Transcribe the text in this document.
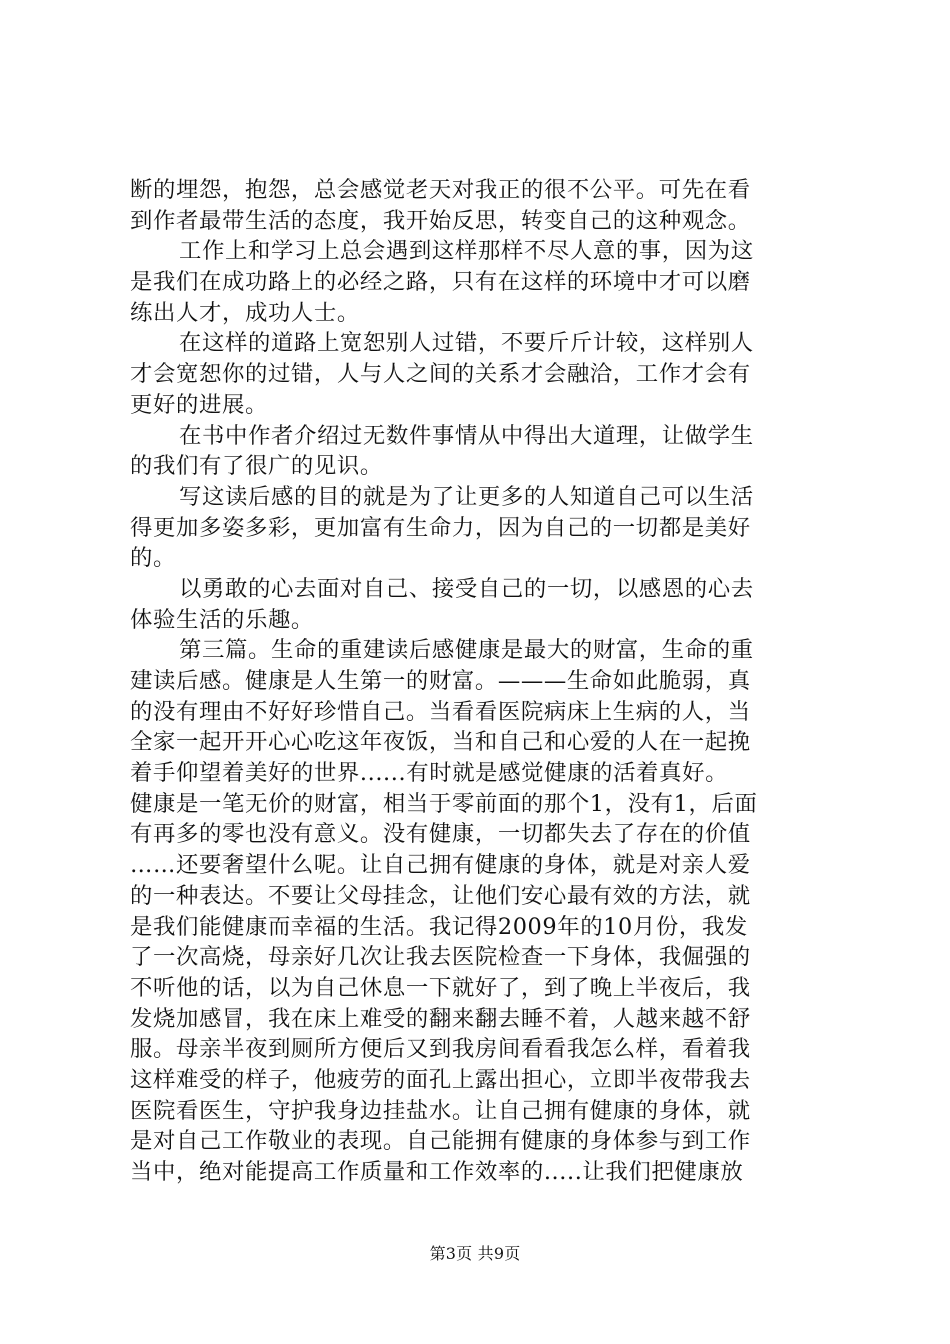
断的埋怨，抱怨，总会感觉老天对我正的很不公平。可先在看
到作者最带生活的态度，我开始反思，转变自己的这种观念。
工作上和学习上总会遇到这样那样不尽人意的事，因为这
是我们在成功路上的必经之路，只有在这样的环境中才可以磨
练出人才，成功人士。
在这样的道路上宽恕别人过错，不要斤斤计较，这样别人
才会宽恕你的过错，人与人之间的关系才会融洽，工作才会有
更好的进展。
在书中作者介绍过无数件事情从中得出大道理，让做学生
的我们有了很广的见识。
写这读后感的目的就是为了让更多的人知道自己可以生活
得更加多姿多彩，更加富有生命力，因为自己的一切都是美好
的。
以勇敢的心去面对自己、接受自己的一切，以感恩的心去
体验生活的乐趣。
第三篇。生命的重建读后感健康是最大的财富，生命的重
建读后感。健康是人生第一的财富。———生命如此脆弱，真
的没有理由不好好珍惜自己。当看看医院病床上生病的人，当
全家一起开开心心吃这年夜饭，当和自己和心爱的人在一起挽
着手仰望着美好的世界......有时就是感觉健康的活着真好。
健康是一笔无价的财富，相当于零前面的那个1，没有1，后面
有再多的零也没有意义。没有健康，一切都失去了存在的价值
……还要奢望什么呢。让自己拥有健康的身体，就是对亲人爱
的一种表达。不要让父母挂念，让他们安心最有效的方法，就
是我们能健康而幸福的生活。我记得2009年的10月份，我发
了一次高烧，母亲好几次让我去医院检查一下身体，我倔强的
不听他的话，以为自己休息一下就好了，到了晚上半夜后，我
发烧加感冒，我在床上难受的翻来翻去睡不着，人越来越不舒
服。母亲半夜到厕所方便后又到我房间看看我怎么样，看着我
这样难受的样子，他疲劳的面孔上露出担心，立即半夜带我去
医院看医生，守护我身边挂盐水。让自己拥有健康的身体，就
是对自己工作敬业的表现。自己能拥有健康的身体参与到工作
当中，绝对能提高工作质量和工作效率的.....让我们把健康放
第3页 共9页
